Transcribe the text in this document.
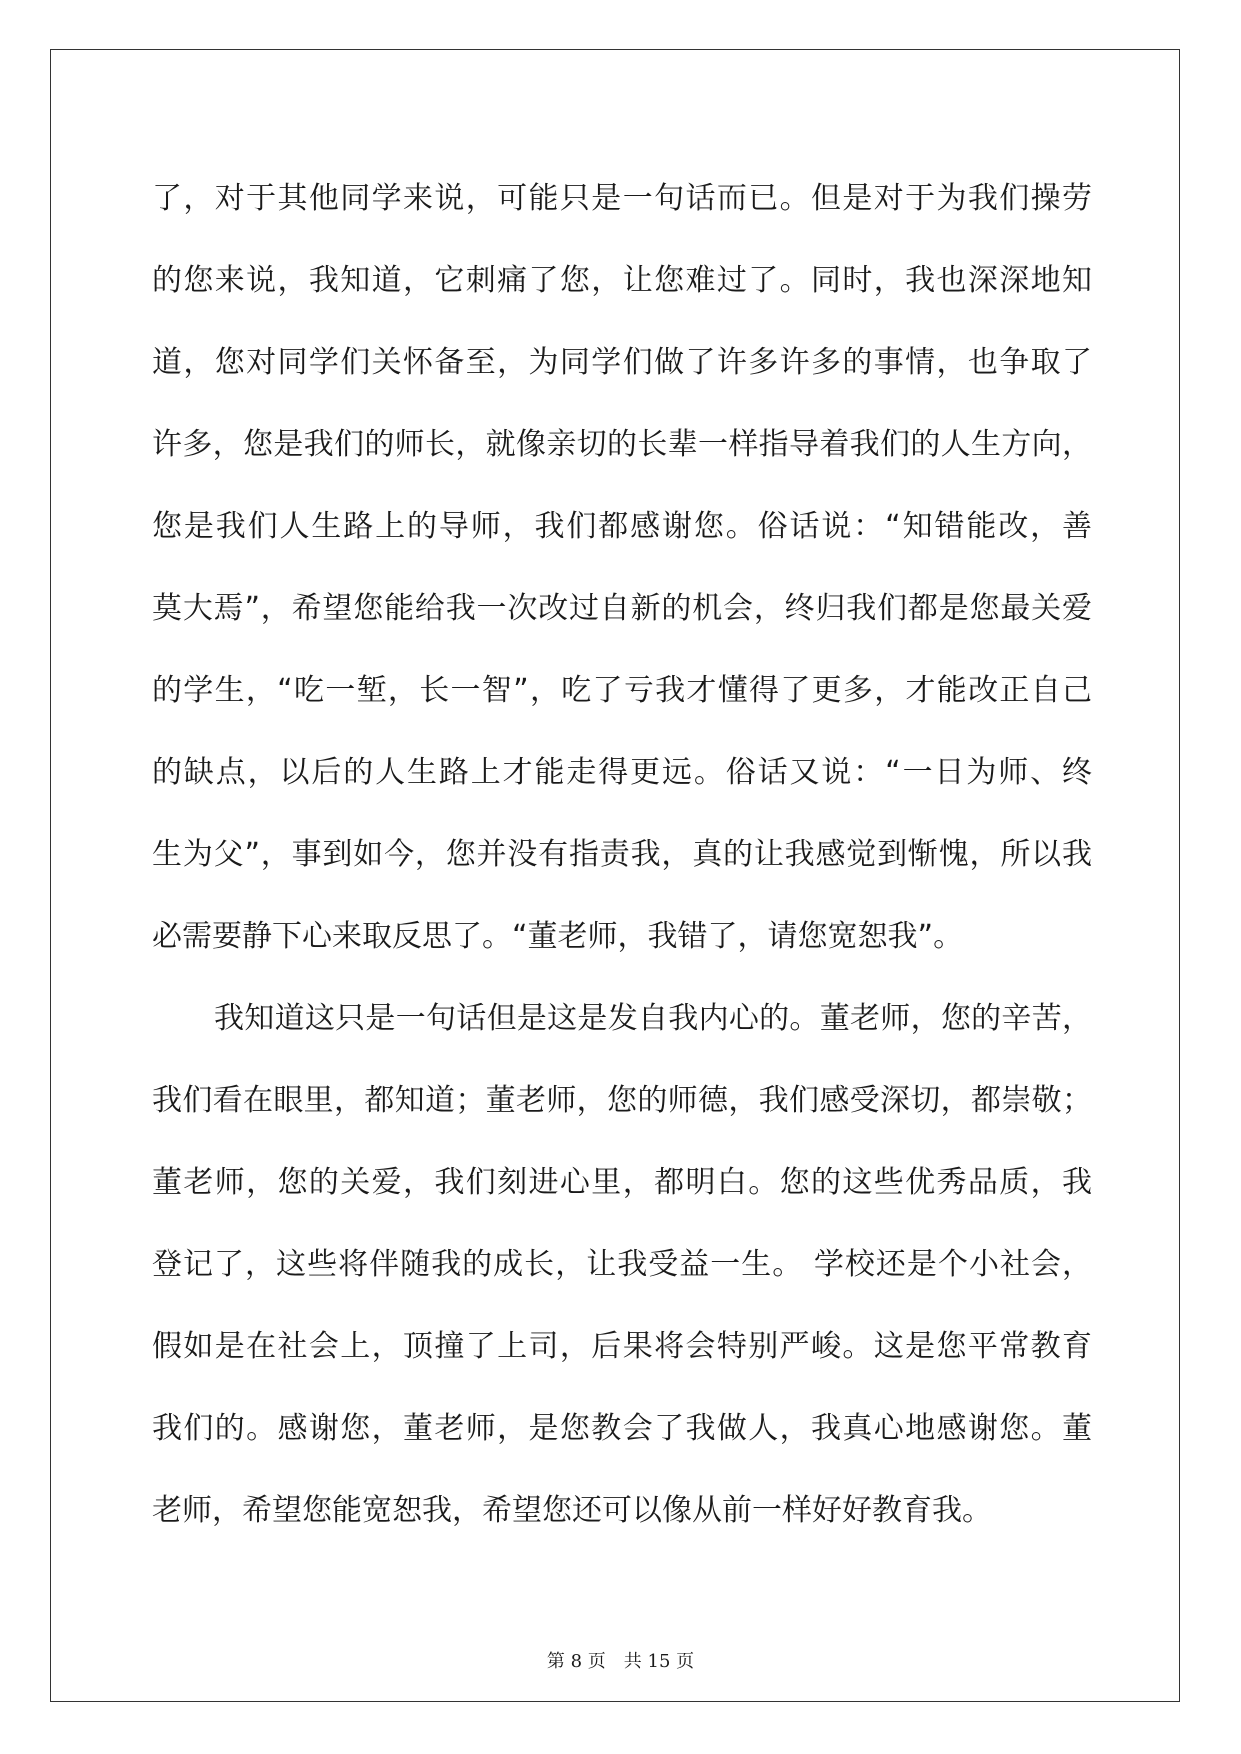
了，对于其他同学来说，可能只是一句话而已。但是对于为我们操劳
的您来说，我知道，它刺痛了您，让您难过了。同时，我也深深地知
道，您对同学们关怀备至，为同学们做了许多许多的事情，也争取了
许多，您是我们的师长，就像亲切的长辈一样指导着我们的人生方向，
您是我们人生路上的导师，我们都感谢您。俗话说：“知错能改，善
莫大焉”，希望您能给我一次改过自新的机会，终归我们都是您最关爱
的学生，“吃一堑，长一智”，吃了亏我才懂得了更多，才能改正自己
的缺点，以后的人生路上才能走得更远。俗话又说：“一日为师、终
生为父”，事到如今，您并没有指责我，真的让我感觉到惭愧，所以我
必需要静下心来取反思了。“董老师，我错了，请您宽恕我”。
我知道这只是一句话但是这是发自我内心的。董老师，您的辛苦，
我们看在眼里，都知道；董老师，您的师德，我们感受深切，都崇敬；
董老师，您的关爱，我们刻进心里，都明白。您的这些优秀品质，我
登记了，这些将伴随我的成长，让我受益一生。 学校还是个小社会，
假如是在社会上，顶撞了上司，后果将会特别严峻。这是您平常教育
我们的。感谢您，董老师，是您教会了我做人，我真心地感谢您。董
老师，希望您能宽恕我，希望您还可以像从前一样好好教育我。
第 8 页 共 15 页
